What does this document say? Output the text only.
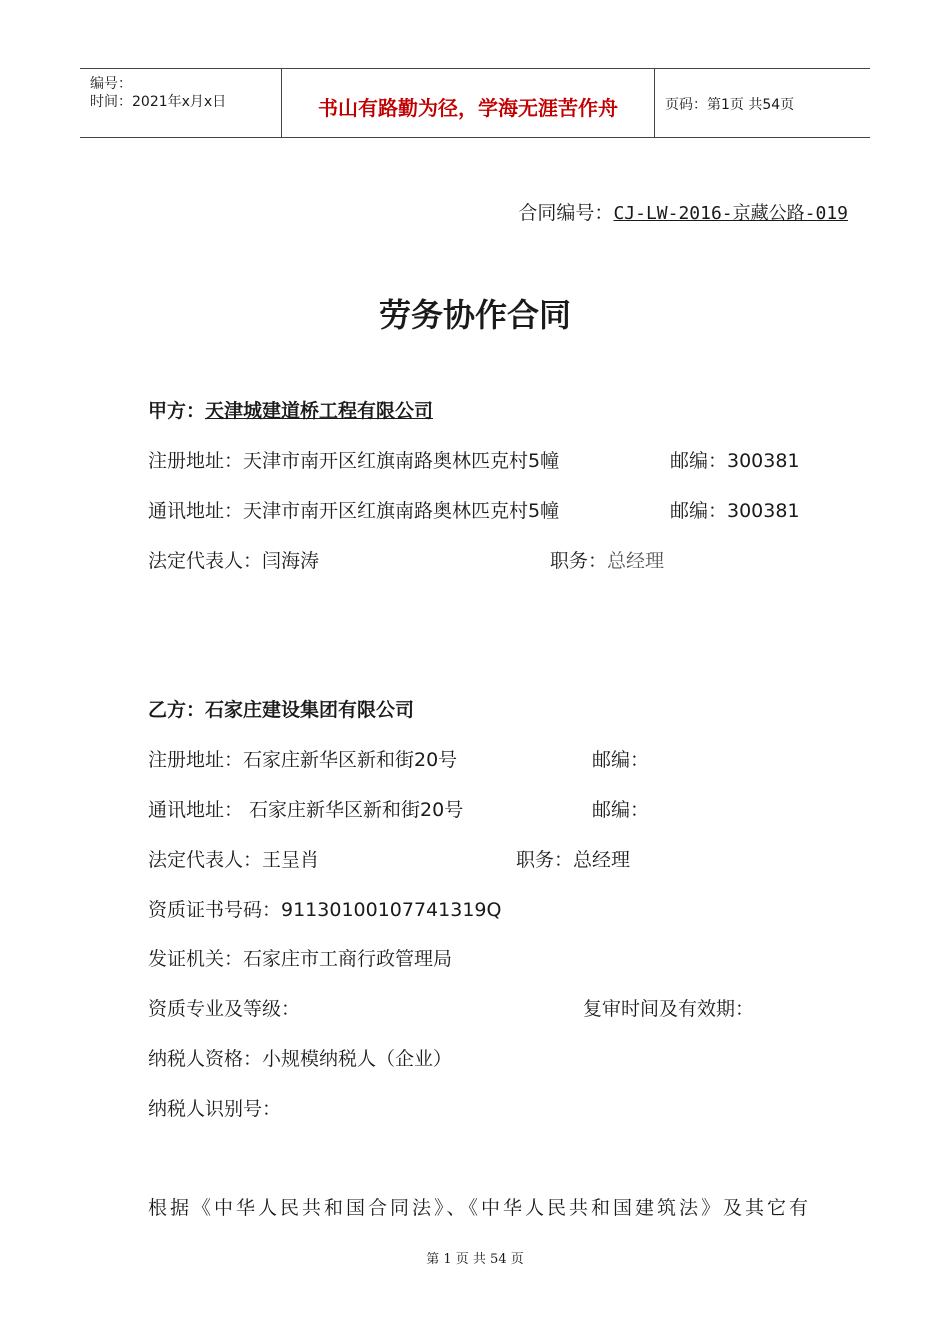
编号：
时间：2021年x月x日	书山有路勤为径，学海无涯苦作舟	页码：第1页 共54页
合同编号：CJ-LW-2016-京藏公路-019
劳务协作合同
甲方：天津城建道桥工程有限公司
注册地址：天津市南开区红旗南路奥林匹克村5幢	邮编：300381
通讯地址：天津市南开区红旗南路奥林匹克村5幢	邮编：300381
法定代表人：闫海涛	职务：总经理
乙方：石家庄建设集团有限公司
注册地址：石家庄新华区新和街20号	邮编：
通讯地址： 石家庄新华区新和街20号	邮编：
法定代表人：王呈肖	职务：总经理
资质证书号码：91130100107741319Q
发证机关：石家庄市工商行政管理局
资质专业及等级：	复审时间及有效期：
纳税人资格：小规模纳税人（企业）
纳税人识别号：
根据《中华人民共和国合同法》、《中华人民共和国建筑法》及其它有
第 1 页 共 54 页
